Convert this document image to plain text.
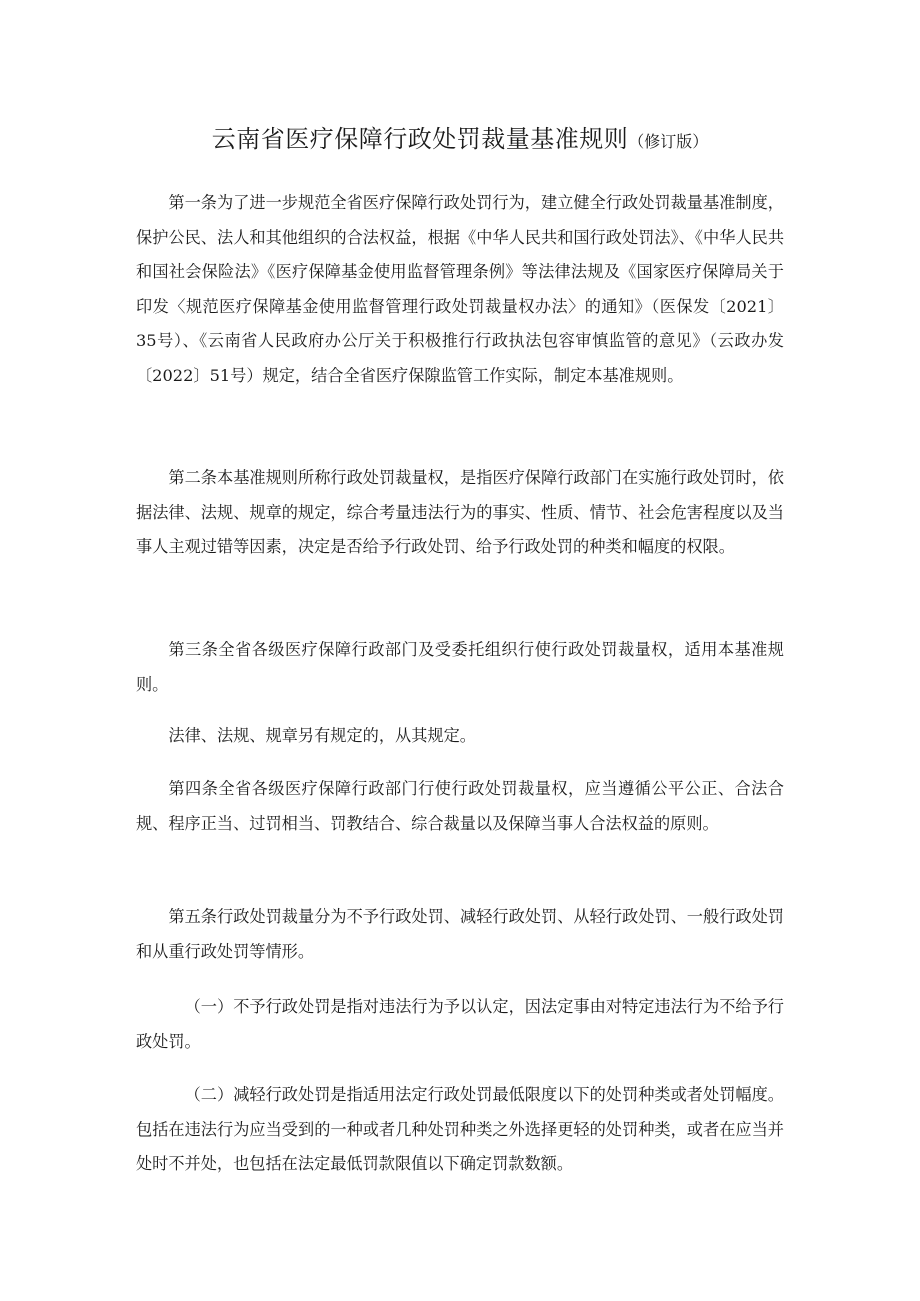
云南省医疗保障行政处罚裁量基准规则（修订版）

第一条为了进一步规范全省医疗保障行政处罚行为，建立健全行政处罚裁量基准制度，保护公民、法人和其他组织的合法权益，根据《中华人民共和国行政处罚法》、《中华人民共和国社会保险法》《医疗保障基金使用监督管理条例》等法律法规及《国家医疗保障局关于印发〈规范医疗保障基金使用监督管理行政处罚裁量权办法〉的通知》（医保发〔2021〕35号）、《云南省人民政府办公厅关于积极推行行政执法包容审慎监管的意见》（云政办发〔2022〕51号）规定，结合全省医疗保隙监管工作实际，制定本基准规则。

第二条本基准规则所称行政处罚裁量权，是指医疗保障行政部门在实施行政处罚时，依据法律、法规、规章的规定，综合考量违法行为的事实、性质、情节、社会危害程度以及当事人主观过错等因素，决定是否给予行政处罚、给予行政处罚的种类和幅度的权限。

第三条全省各级医疗保障行政部门及受委托组织行使行政处罚裁量权，适用本基准规则。

法律、法规、规章另有规定的，从其规定。

第四条全省各级医疗保障行政部门行使行政处罚裁量权，应当遵循公平公正、合法合规、程序正当、过罚相当、罚教结合、综合裁量以及保障当事人合法权益的原则。

第五条行政处罚裁量分为不予行政处罚、减轻行政处罚、从轻行政处罚、一般行政处罚和从重行政处罚等情形。

（一）不予行政处罚是指对违法行为予以认定，因法定事由对特定违法行为不给予行政处罚。

（二）减轻行政处罚是指适用法定行政处罚最低限度以下的处罚种类或者处罚幅度。包括在违法行为应当受到的一种或者几种处罚种类之外选择更轻的处罚种类，或者在应当并处时不并处，也包括在法定最低罚款限值以下确定罚款数额。
